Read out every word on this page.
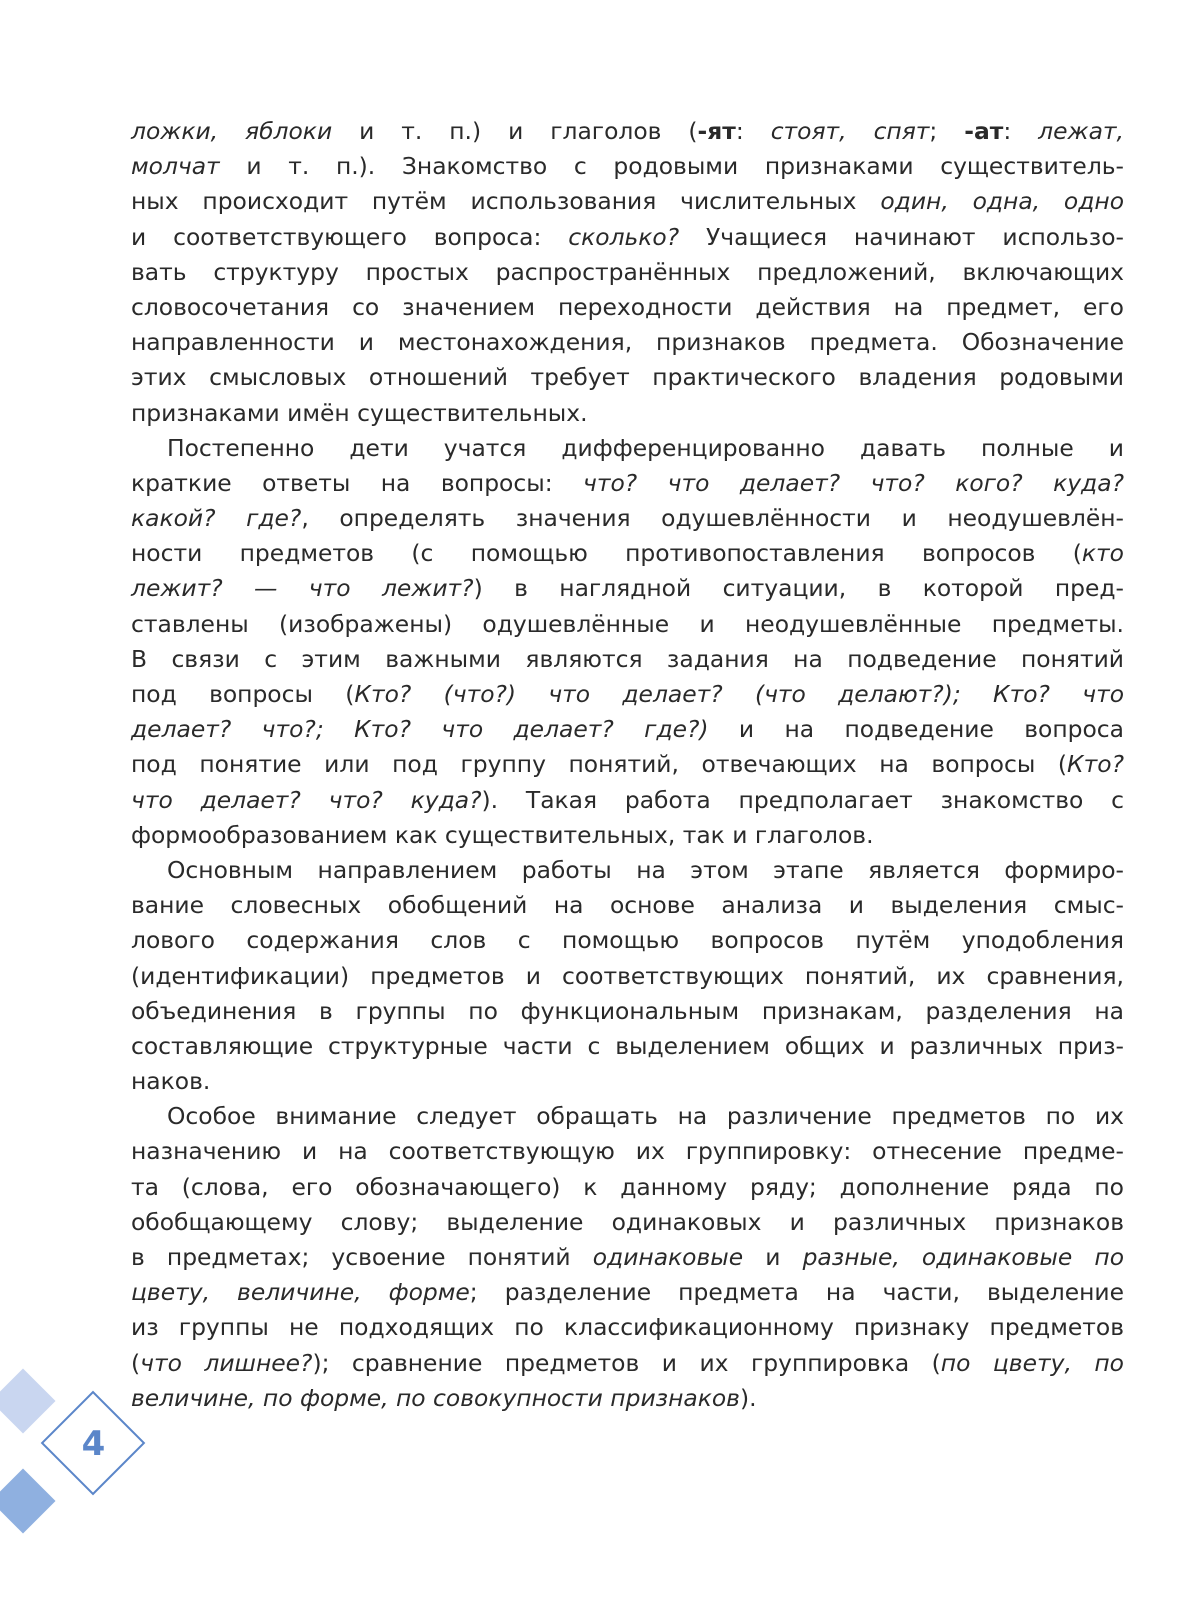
ложки, яблоки и т. п.) и глаголов (-ят: стоят, спят; -ат: лежат,
молчат и т. п.). Знакомство с родовыми признаками существитель-
ных происходит путём использования числительных один, одна, одно
и соответствующего вопроса: сколько? Учащиеся начинают использо-
вать структуру простых распространённых предложений, включающих
словосочетания со значением переходности действия на предмет, его
направленности и местонахождения, признаков предмета. Обозначение
этих смысловых отношений требует практического владения родовыми
признаками имён существительных.
Постепенно дети учатся дифференцированно давать полные и
краткие ответы на вопросы: что? что делает? что? кого? куда?
какой? где?, определять значения одушевлённости и неодушевлён-
ности предметов (с помощью противопоставления вопросов (кто
лежит? — что лежит?) в наглядной ситуации, в которой пред-
ставлены (изображены) одушевлённые и неодушевлённые предметы.
В связи с этим важными являются задания на подведение понятий
под вопросы (Кто? (что?) что делает? (что делают?); Кто? что
делает? что?; Кто? что делает? где?) и на подведение вопроса
под понятие или под группу понятий, отвечающих на вопросы (Кто?
что делает? что? куда?). Такая работа предполагает знакомство с
формообразованием как существительных, так и глаголов.
Основным направлением работы на этом этапе является формиро-
вание словесных обобщений на основе анализа и выделения смыс-
лового содержания слов с помощью вопросов путём уподобления
(идентификации) предметов и соответствующих понятий, их сравнения,
объединения в группы по функциональным признакам, разделения на
составляющие структурные части с выделением общих и различных приз-
наков.
Особое внимание следует обращать на различение предметов по их
назначению и на соответствующую их группировку: отнесение предме-
та (слова, его обозначающего) к данному ряду; дополнение ряда по
обобщающему слову; выделение одинаковых и различных признаков
в предметах; усвоение понятий одинаковые и разные, одинаковые по
цвету, величине, форме; разделение предмета на части, выделение
из группы не подходящих по классификационному признаку предметов
(что лишнее?); сравнение предметов и их группировка (по цвету, по
величине, по форме, по совокупности признаков).
4
